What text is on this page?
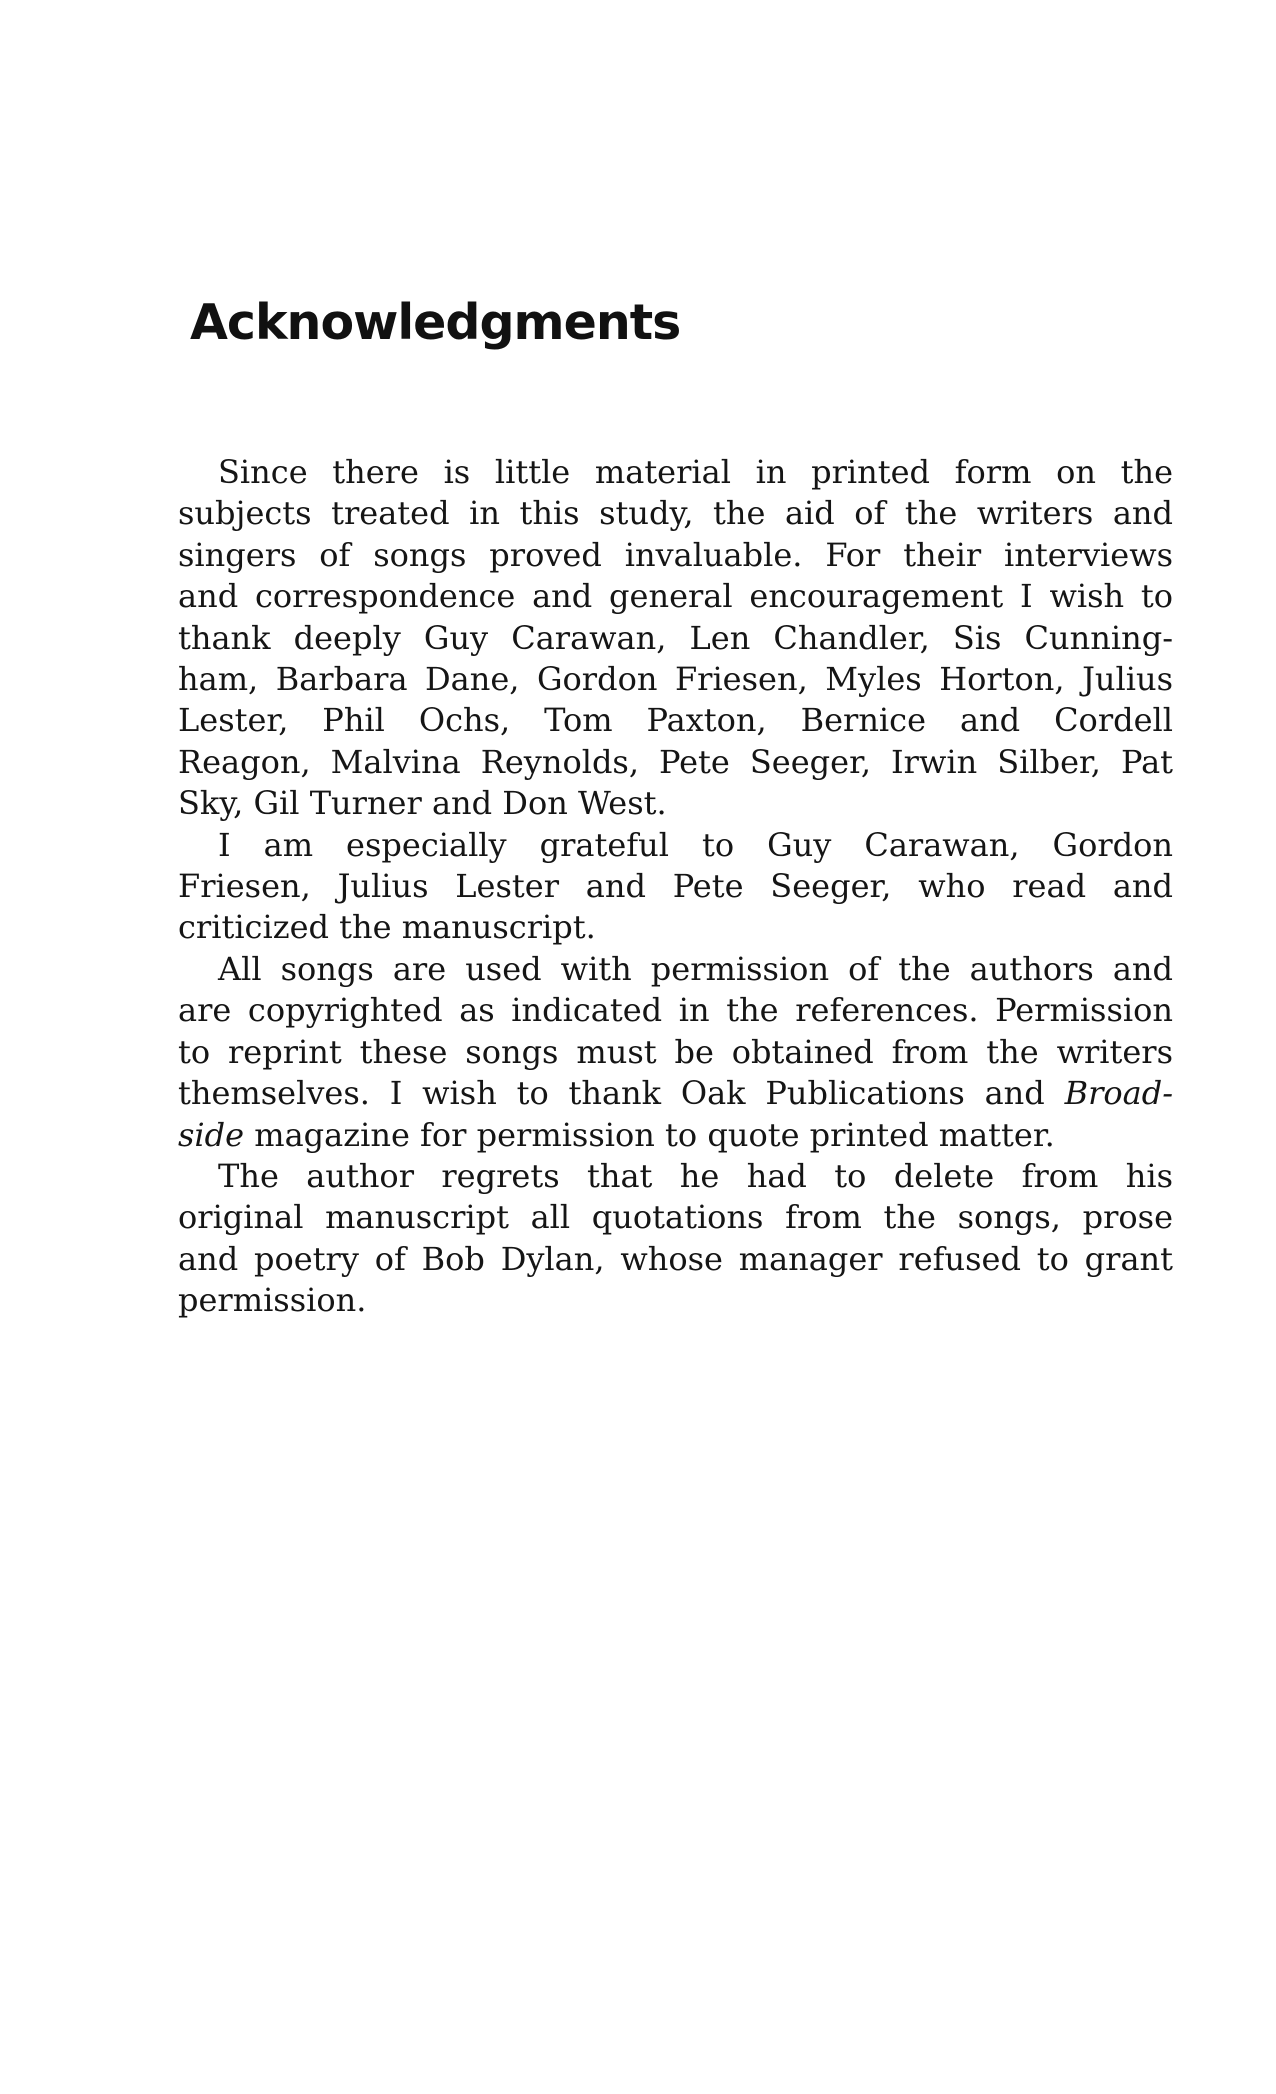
Acknowledgments
Since there is little material in printed form on the
subjects treated in this study, the aid of the writers and
singers of songs proved invaluable. For their interviews
and correspondence and general encouragement I wish to
thank deeply Guy Carawan, Len Chandler, Sis Cunning-
ham, Barbara Dane, Gordon Friesen, Myles Horton, Julius
Lester, Phil Ochs, Tom Paxton, Bernice and Cordell
Reagon, Malvina Reynolds, Pete Seeger, Irwin Silber, Pat
Sky, Gil Turner and Don West.
I am especially grateful to Guy Carawan, Gordon
Friesen, Julius Lester and Pete Seeger, who read and
criticized the manuscript.
All songs are used with permission of the authors and
are copyrighted as indicated in the references. Permission
to reprint these songs must be obtained from the writers
themselves. I wish to thank Oak Publications and Broad-
side magazine for permission to quote printed matter.
The author regrets that he had to delete from his
original manuscript all quotations from the songs, prose
and poetry of Bob Dylan, whose manager refused to grant
permission.
